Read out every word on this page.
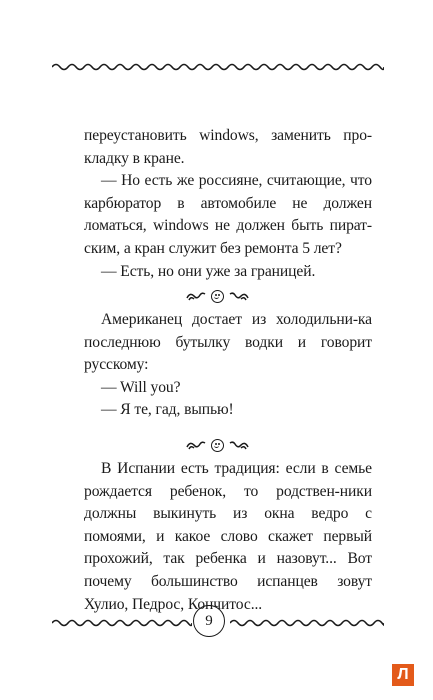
переустановить windows, заменить про-кладку в кране.

— Но есть же россияне, считающие, что карбюратор в автомобиле не должен ломаться, windows не должен быть пират-ским, а кран служит без ремонта 5 лет?

— Есть, но они уже за границей.

Американец достает из холодильни-ка последнюю бутылку водки и говорит русскому:

— Will you?

— Я те, гад, выпью!

В Испании есть традиция: если в семье рождается ребенок, то родствен-ники должны выкинуть из окна ведро с помоями, и какое слово скажет первый прохожий, так ребенка и назовут... Вот почему большинство испанцев зовут Хулио, Педрос, Кончитос...

9
Л
